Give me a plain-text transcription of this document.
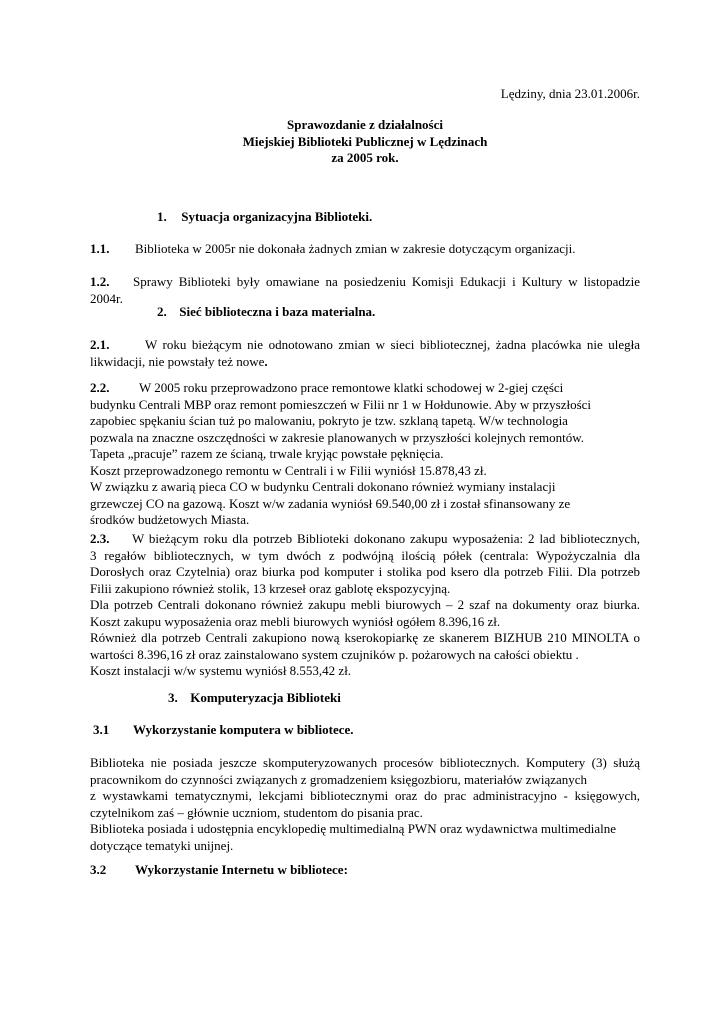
Lędziny, dnia 23.01.2006r.
Sprawozdanie z działalności
Miejskiej Biblioteki Publicznej w Lędzinach
za 2005 rok.
1. Sytuacja organizacyjna Biblioteki.
1.1. Biblioteka w 2005r nie dokonała żadnych zmian w zakresie dotyczącym organizacji.
1.2. Sprawy Biblioteki były omawiane na posiedzeniu Komisji Edukacji i Kultury w listopadzie
2004r.
2. Sieć biblioteczna i baza materialna.
2.1.	W roku bieżącym nie odnotowano zmian w sieci bibliotecznej, żadna placówka nie uległa
likwidacji, nie powstały też nowe.
2.2. W 2005 roku przeprowadzono prace remontowe klatki schodowej w 2-giej części
budynku Centrali MBP oraz remont pomieszczeń w Filii nr 1 w Hołdunowie. Aby w przyszłości
zapobiec spękaniu ścian tuż po malowaniu, pokryto je tzw. szklaną tapetą. W/w technologia
pozwala na znaczne oszczędności w zakresie planowanych w przyszłości kolejnych remontów.
Tapeta „pracuje” razem ze ścianą, trwale kryjąc powstałe pęknięcia.
Koszt przeprowadzonego remontu w Centrali i w Filii wyniósł 15.878,43 zł.
W związku z awarią pieca CO w budynku Centrali dokonano również wymiany instalacji
grzewczej CO na gazową. Koszt w/w zadania wyniósł 69.540,00 zł i został sfinansowany ze
środków budżetowych Miasta.
2.3. W bieżącym roku dla potrzeb Biblioteki dokonano zakupu wyposażenia: 2 lad bibliotecznych,
3 regałów bibliotecznych, w tym dwóch z podwójną ilością półek (centrala: Wypożyczalnia dla
Dorosłych oraz Czytelnia) oraz biurka pod komputer i stolika pod ksero dla potrzeb Filii. Dla potrzeb
Filii zakupiono również stolik, 13 krzeseł oraz gablotę ekspozycyjną.
Dla potrzeb Centrali dokonano również zakupu mebli biurowych – 2 szaf na dokumenty oraz biurka.
Koszt zakupu wyposażenia oraz mebli biurowych wyniósł ogółem 8.396,16 zł.
Również dla potrzeb Centrali zakupiono nową kserokopiarkę ze skanerem BIZHUB 210 MINOLTA o
wartości 8.396,16 zł oraz zainstalowano system czujników p. pożarowych na całości obiektu .
Koszt instalacji w/w systemu wyniósł 8.553,42 zł.
3. Komputeryzacja Biblioteki
3.1 Wykorzystanie komputera w bibliotece.
Biblioteka nie posiada jeszcze skomputeryzowanych procesów bibliotecznych. Komputery (3) służą
pracownikom do czynności związanych z gromadzeniem księgozbioru, materiałów związanych
z wystawkami tematycznymi, lekcjami bibliotecznymi oraz do prac administracyjno - księgowych,
czytelnikom zaś – głównie uczniom, studentom do pisania prac.
Biblioteka posiada i udostępnia encyklopedię multimedialną PWN oraz wydawnictwa multimedialne
dotyczące tematyki unijnej.
3.2 Wykorzystanie Internetu w bibliotece:
